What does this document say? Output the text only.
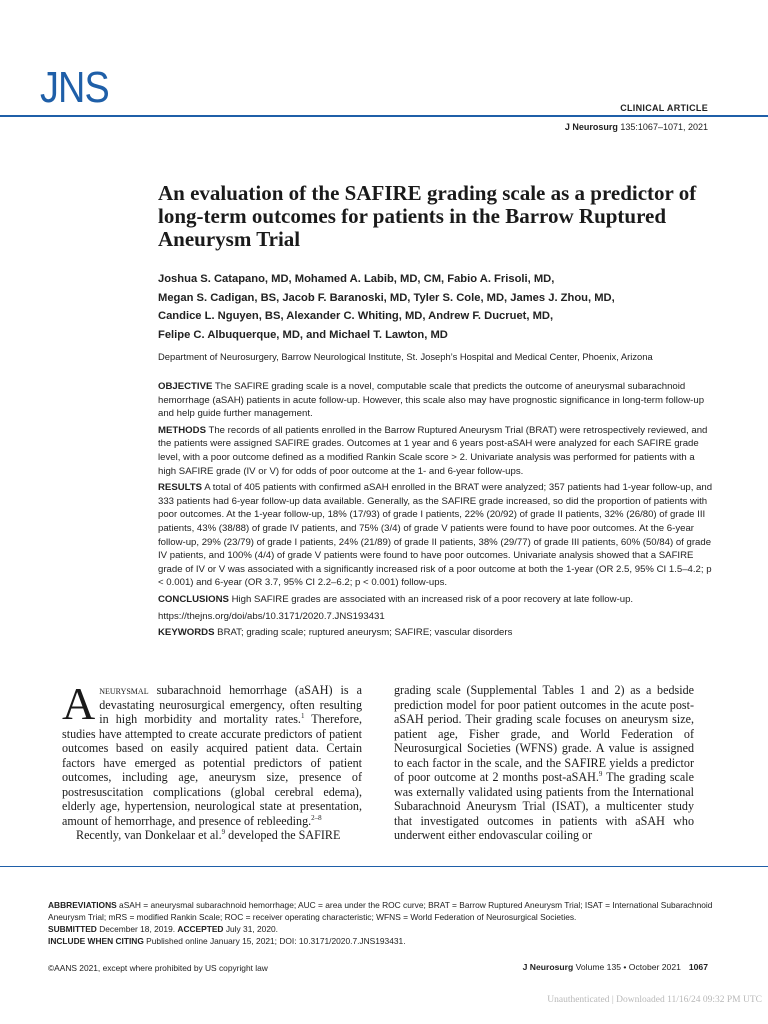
JNS	CLINICAL ARTICLE
J Neurosurg 135:1067–1071, 2021
An evaluation of the SAFIRE grading scale as a predictor of long-term outcomes for patients in the Barrow Ruptured Aneurysm Trial
Joshua S. Catapano, MD, Mohamed A. Labib, MD, CM, Fabio A. Frisoli, MD,
Megan S. Cadigan, BS, Jacob F. Baranoski, MD, Tyler S. Cole, MD, James J. Zhou, MD,
Candice L. Nguyen, BS, Alexander C. Whiting, MD, Andrew F. Ducruet, MD,
Felipe C. Albuquerque, MD, and Michael T. Lawton, MD
Department of Neurosurgery, Barrow Neurological Institute, St. Joseph’s Hospital and Medical Center, Phoenix, Arizona

OBJECTIVE The SAFIRE grading scale is a novel, computable scale that predicts the outcome of aneurysmal subarachnoid hemorrhage (aSAH) patients in acute follow-up. However, this scale also may have prognostic significance in long-term follow-up and help guide further management.

METHODS The records of all patients enrolled in the Barrow Ruptured Aneurysm Trial (BRAT) were retrospectively reviewed, and the patients were assigned SAFIRE grades. Outcomes at 1 year and 6 years post-aSAH were analyzed for each SAFIRE grade level, with a poor outcome defined as a modified Rankin Scale score > 2. Univariate analysis was performed for patients with a high SAFIRE grade (IV or V) for odds of poor outcome at the 1- and 6-year follow-ups.

RESULTS A total of 405 patients with confirmed aSAH enrolled in the BRAT were analyzed; 357 patients had 1-year follow-up, and 333 patients had 6-year follow-up data available. Generally, as the SAFIRE grade increased, so did the proportion of patients with poor outcomes. At the 1-year follow-up, 18% (17/93) of grade I patients, 22% (20/92) of grade II patients, 32% (26/80) of grade III patients, 43% (38/88) of grade IV patients, and 75% (3/4) of grade V patients were found to have poor outcomes. At the 6-year follow-up, 29% (23/79) of grade I patients, 24% (21/89) of grade II patients, 38% (29/77) of grade III patients, 60% (50/84) of grade IV patients, and 100% (4/4) of grade V patients were found to have poor outcomes. Univariate analysis showed that a SAFIRE grade of IV or V was associated with a significantly increased risk of a poor outcome at both the 1-year (OR 2.5, 95% CI 1.5–4.2; p < 0.001) and 6-year (OR 3.7, 95% CI 2.2–6.2; p < 0.001) follow-ups.

CONCLUSIONS High SAFIRE grades are associated with an increased risk of a poor recovery at late follow-up.

https://thejns.org/doi/abs/10.3171/2020.7.JNS193431

KEYWORDS BRAT; grading scale; ruptured aneurysm; SAFIRE; vascular disorders

Aneurysmal subarachnoid hemorrhage (aSAH) is a devastating neurosurgical emergency, often resulting in high morbidity and mortality rates.$^1$ Therefore, studies have attempted to create accurate predictors of patient outcomes based on easily acquired patient data. Certain factors have emerged as potential predictors of patient outcomes, including age, aneurysm size, presence of postresuscitation complications (global cerebral edema), elderly age, hypertension, neurological state at presentation, amount of hemorrhage, and presence of rebleeding.$^{2-8}$
Recently, van Donkelaar et al.$^9$ developed the SAFIRE

grading scale (Supplemental Tables 1 and 2) as a bedside prediction model for poor patient outcomes in the acute post-aSAH period. Their grading scale focuses on aneurysm size, patient age, Fisher grade, and World Federation of Neurosurgical Societies (WFNS) grade. A value is assigned to each factor in the scale, and the SAFIRE yields a predictor of poor outcome at 2 months post-aSAH.$^9$ The grading scale was externally validated using patients from the International Subarachnoid Aneurysm Trial (ISAT), a multicenter study that investigated outcomes in patients with aSAH who underwent either endovascular coiling or

ABBREVIATIONS aSAH = aneurysmal subarachnoid hemorrhage; AUC = area under the ROC curve; BRAT = Barrow Ruptured Aneurysm Trial; ISAT = International Subarachnoid Aneurysm Trial; mRS = modified Rankin Scale; ROC = receiver operating characteristic; WFNS = World Federation of Neurosurgical Societies.

SUBMITTED December 18, 2019. ACCEPTED July 31, 2020.

INCLUDE WHEN CITING Published online January 15, 2021; DOI: 10.3171/2020.7.JNS193431.

©AANS 2021, except where prohibited by US copyright law	J Neurosurg Volume 135 • October 2021 1067
Unauthenticated | Downloaded 11/16/24 09:32 PM UTC
